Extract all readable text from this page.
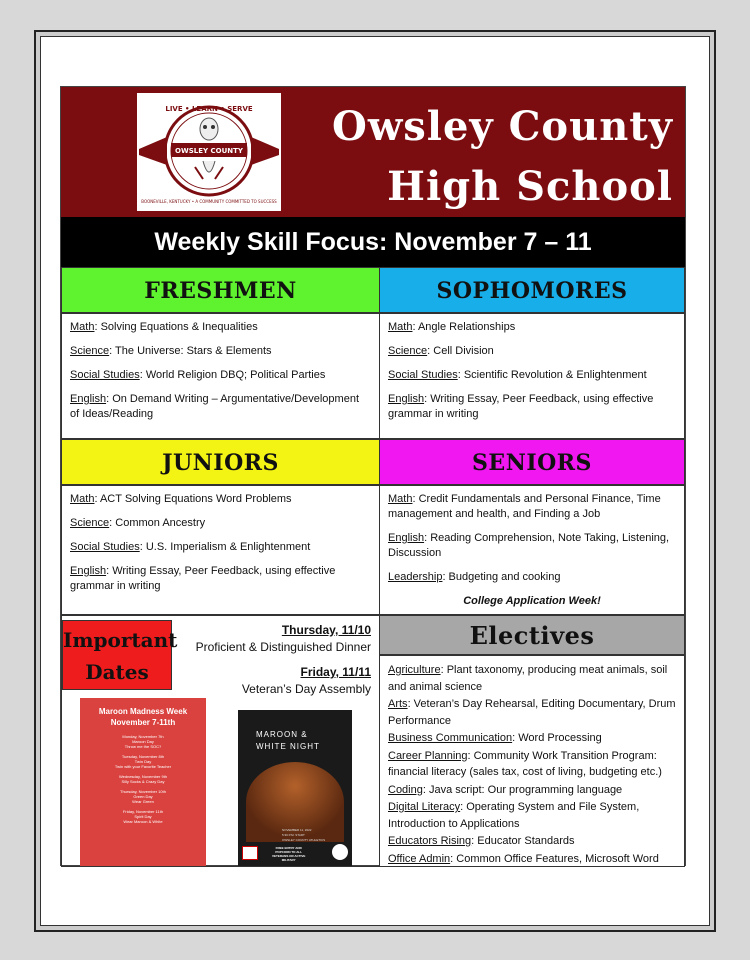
LIVE • LEARN • SERVE
OWSLEY COUNTY
BOONEVILLE, KENTUCKY • A COMMUNITY COMMITTED TO SUCCESS
Owsley County
High School
Weekly Skill Focus: November 7 – 11
FRESHMEN

Math: Solving Equations & Inequalities

Science: The Universe: Stars & Elements

Social Studies: World Religion DBQ; Political Parties

English: On Demand Writing – Argumentative/Development of Ideas/Reading

SOPHOMORES

Math: Angle Relationships

Science: Cell Division

Social Studies: Scientific Revolution & Enlightenment

English: Writing Essay, Peer Feedback, using effective grammar in writing

JUNIORS

Math: ACT Solving Equations Word Problems

Science: Common Ancestry

Social Studies: U.S. Imperialism & Enlightenment

English: Writing Essay, Peer Feedback, using effective grammar in writing

SENIORS

Math: Credit Fundamentals and Personal Finance, Time management and health, and Finding a Job

English: Reading Comprehension, Note Taking, Listening, Discussion

Leadership: Budgeting and cooking

College Application Week!

Important
Dates
Thursday, 11/10
Proficient & Distinguished Dinner
Friday, 11/11
Veteran’s Day Assembly
Maroon Madness Week
November 7-11th
Monday, November 7th
Maroon Day
Throw me the SOC?

Tuesday, November 8th
Twin Day
Twin with your Favorite Teacher

Wednesday, November 9th
Silly Socks & Crazy Day

Thursday, November 10th
Green Day
Wear Green

Friday, November 11th
Spirit Day
Wear Maroon & White
MAROON &
WHITE NIGHT
NOVEMBER 11, 2022
5:30 P.M. START
OWSLEY COUNTY ATHLETICS
FREE ENTRY AND
POPCORN TO ALL
VETERANS OR ACTIVE
MILITARY
Electives

Agriculture: Plant taxonomy, producing meat animals, soil and animal science

Arts: Veteran’s Day Rehearsal, Editing Documentary, Drum Performance

Business Communication: Word Processing

Career Planning: Community Work Transition Program: financial literacy (sales tax, cost of living, budgeting etc.)

Coding: Java script: Our programming language

Digital Literacy: Operating System and File System, Introduction to Applications

Educators Rising: Educator Standards

Office Admin: Common Office Features, Microsoft Word
